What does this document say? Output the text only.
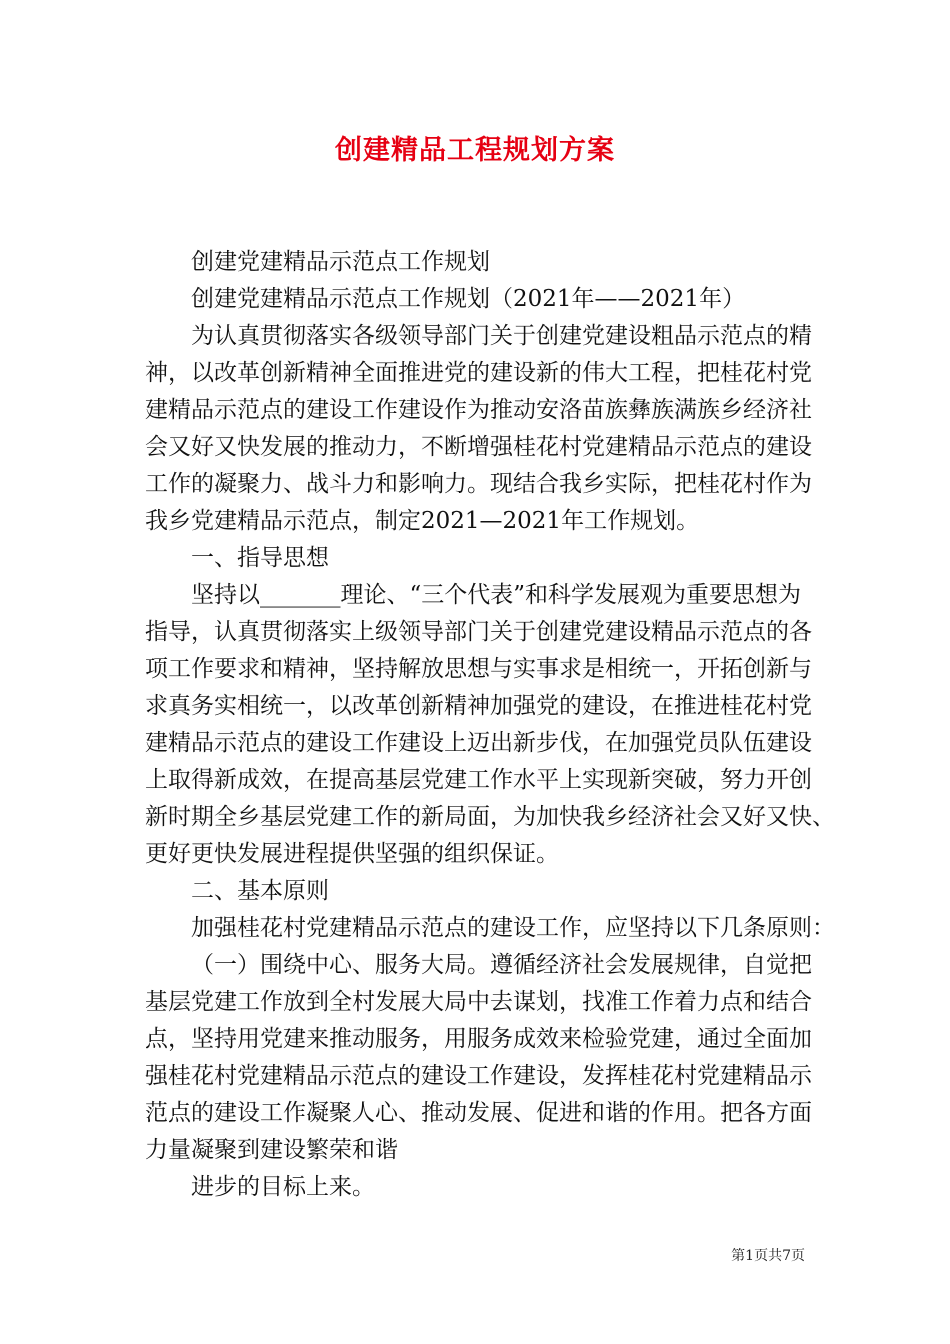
创建精品工程规划方案
创建党建精品示范点工作规划
创建党建精品示范点工作规划（2021年——2021年）
为认真贯彻落实各级领导部门关于创建党建设粗品示范点的精
神，以改革创新精神全面推进党的建设新的伟大工程，把桂花村党
建精品示范点的建设工作建设作为推动安洛苗族彝族满族乡经济社
会又好又快发展的推动力，不断增强桂花村党建精品示范点的建设
工作的凝聚力、战斗力和影响力。现结合我乡实际，把桂花村作为
我乡党建精品示范点，制定2021—2021年工作规划。
一、指导思想
坚持以_______理论、“三个代表”和科学发展观为重要思想为
指导，认真贯彻落实上级领导部门关于创建党建设精品示范点的各
项工作要求和精神，坚持解放思想与实事求是相统一，开拓创新与
求真务实相统一，以改革创新精神加强党的建设，在推进桂花村党
建精品示范点的建设工作建设上迈出新步伐，在加强党员队伍建设
上取得新成效，在提高基层党建工作水平上实现新突破，努力开创
新时期全乡基层党建工作的新局面，为加快我乡经济社会又好又快、
更好更快发展进程提供坚强的组织保证。
二、基本原则
加强桂花村党建精品示范点的建设工作，应坚持以下几条原则：
（一）围绕中心、服务大局。遵循经济社会发展规律，自觉把
基层党建工作放到全村发展大局中去谋划，找准工作着力点和结合
点，坚持用党建来推动服务，用服务成效来检验党建，通过全面加
强桂花村党建精品示范点的建设工作建设，发挥桂花村党建精品示
范点的建设工作凝聚人心、推动发展、促进和谐的作用。把各方面
力量凝聚到建设繁荣和谐
进步的目标上来。
第1页共7页
